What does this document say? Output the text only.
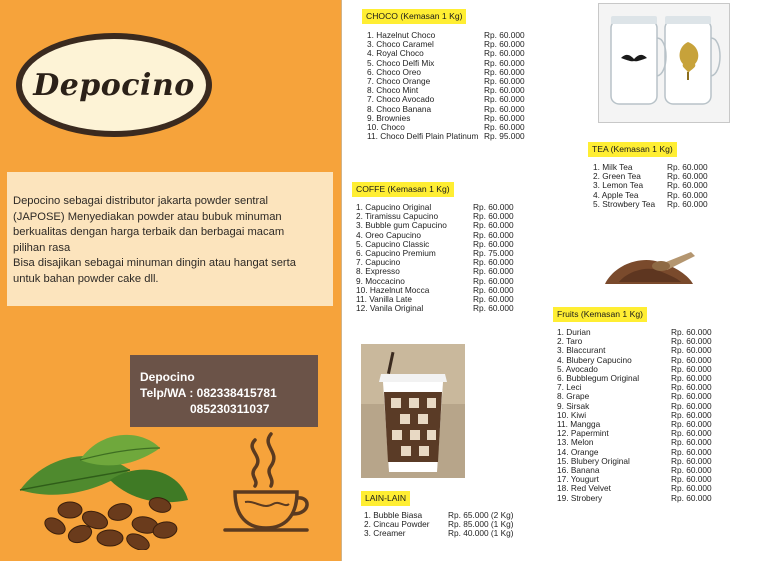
Depocino
Depocino sebagai distributor jakarta powder sentral
(JAPOSE) Menyediakan powder atau bubuk minuman
berkualitas dengan harga terbaik dan berbagai macam
pilihan rasa
Bisa disajikan sebagai minuman dingin atau hangat serta
untuk bahan powder cake dll.
Depocino
Telp/WA : 082338415781
085230311037
CHOCO (Kemasan 1 Kg)
1. Hazelnut Choco	Rp. 60.000
3. Choco Caramel	Rp. 60.000
4. Royal Choco	Rp. 60.000
5. Choco Delfi Mix	Rp. 60.000
6. Choco Oreo	Rp. 60.000
7. Choco Orange	Rp. 60.000
8. Choco Mint	Rp. 60.000
7. Choco Avocado	Rp. 60.000
8. Choco Banana	Rp. 60.000
9. Brownies	Rp. 60.000
10. Choco	Rp. 60.000
11. Choco Delfi Plain Platinum Rp. 95.000
TEA (Kemasan 1 Kg)
1. Milk Tea	Rp. 60.000
2. Green Tea	Rp. 60.000
3. Lemon Tea	Rp. 60.000
4. Apple Tea	Rp. 60.000
5. Strowbery Tea	Rp. 60.000
COFFE (Kemasan 1 Kg)
1. Capucino Original	Rp. 60.000
2. Tiramissu Capucino	Rp. 60.000
3. Bubble gum Capucino	Rp. 60.000
4. Oreo Capucino	Rp. 60.000
5. Capucino Classic	Rp. 60.000
6. Capucino Premium	Rp. 75.000
7. Capucino	Rp. 60.000
8. Expresso	Rp. 60.000
9. Moccacino	Rp. 60.000
10. Hazelnut Mocca	Rp. 60.000
11. Vanilla Late	Rp. 60.000
12. Vanila Original	Rp. 60.000
Fruits (Kemasan 1 Kg)
1. Durian	Rp. 60.000
2. Taro	Rp. 60.000
3. Blaccurant	Rp. 60.000
4. Blubery Capucino	Rp. 60.000
5. Avocado	Rp. 60.000
6. Bubblegum Original	Rp. 60.000
7. Leci	Rp. 60.000
8. Grape	Rp. 60.000
9. Sirsak	Rp. 60.000
10. Kiwi	Rp. 60.000
11. Mangga	Rp. 60.000
12. Papermint	Rp. 60.000
13. Melon	Rp. 60.000
14. Orange	Rp. 60.000
15. Blubery Original	Rp. 60.000
16. Banana	Rp. 60.000
17. Yougurt	Rp. 60.000
18. Red Velvet	Rp. 60.000
19. Strobery	Rp. 60.000
LAIN-LAIN
1. Bubble Biasa	Rp. 65.000 (2 Kg)
2. Cincau Powder	Rp. 85.000 (1 Kg)
3. Creamer	Rp. 40.000 (1 Kg)
